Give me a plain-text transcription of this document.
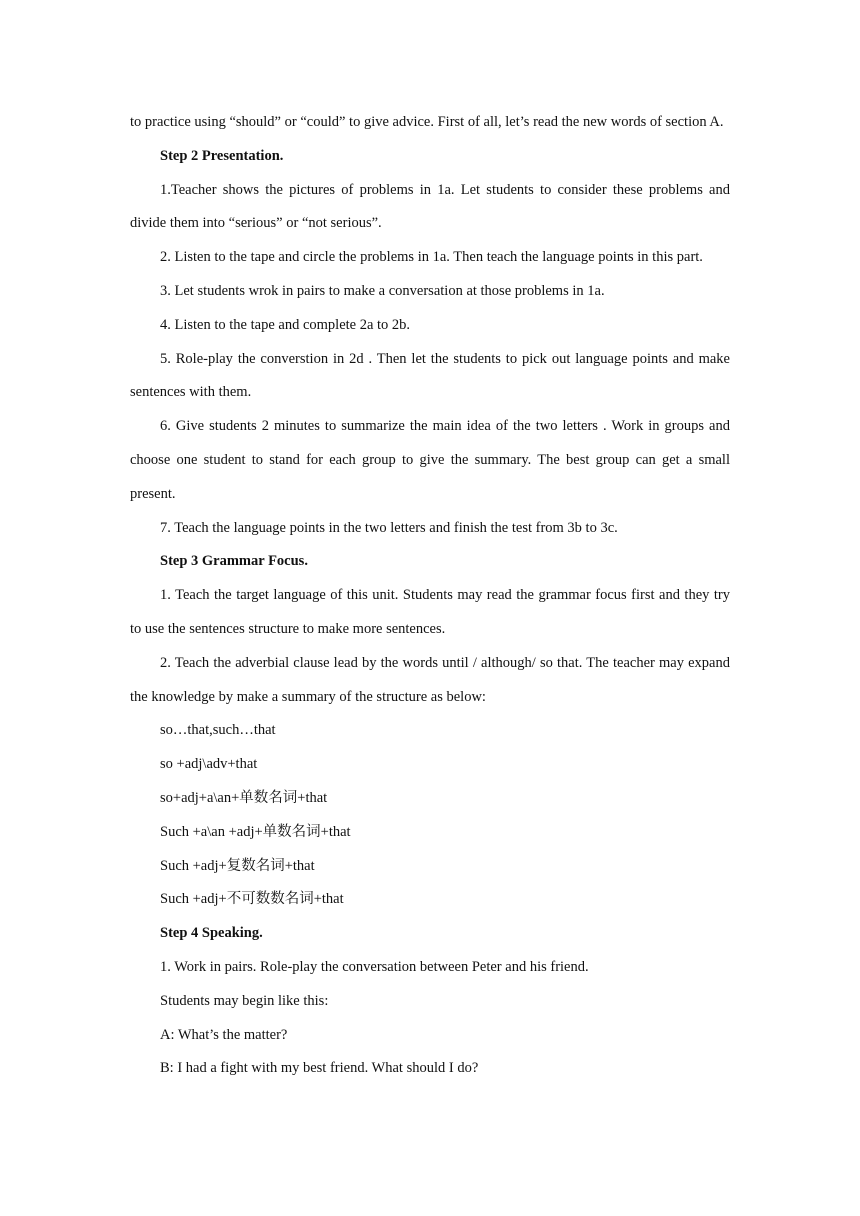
to practice using “should” or “could” to give advice. First of all, let’s read the new words of section A.

Step 2 Presentation.

1.Teacher shows the pictures of problems in 1a. Let students to consider these problems and divide them into “serious” or “not serious”.

2. Listen to the tape and circle the problems in 1a. Then teach the language points in this part.

3. Let students wrok in pairs to make a conversation at those problems in 1a.

4. Listen to the tape and complete 2a to 2b.

5. Role-play the converstion in 2d . Then let the students to pick out language points and make sentences with them.

6. Give students 2 minutes to summarize the main idea of the two letters . Work in groups and choose one student to stand for each group to give the summary. The best group can get a small present.

7. Teach the language points in the two letters and finish the test from 3b to 3c.

Step 3 Grammar Focus.

1. Teach the target language of this unit. Students may read the grammar focus first and they try to use the sentences structure to make more sentences.

2. Teach the adverbial clause lead by the words until / although/ so that. The teacher may expand the knowledge by make a summary of the structure as below:

so…that,such…that

so +adj\adv+that

so+adj+a\an+单数名词+that

Such +a\an +adj+单数名词+that

Such +adj+复数名词+that

Such +adj+不可数数名词+that

Step 4 Speaking.

1. Work in pairs. Role-play the conversation between Peter and his friend.

Students may begin like this:

A: What’s the matter?

B: I had a fight with my best friend. What should I do?
